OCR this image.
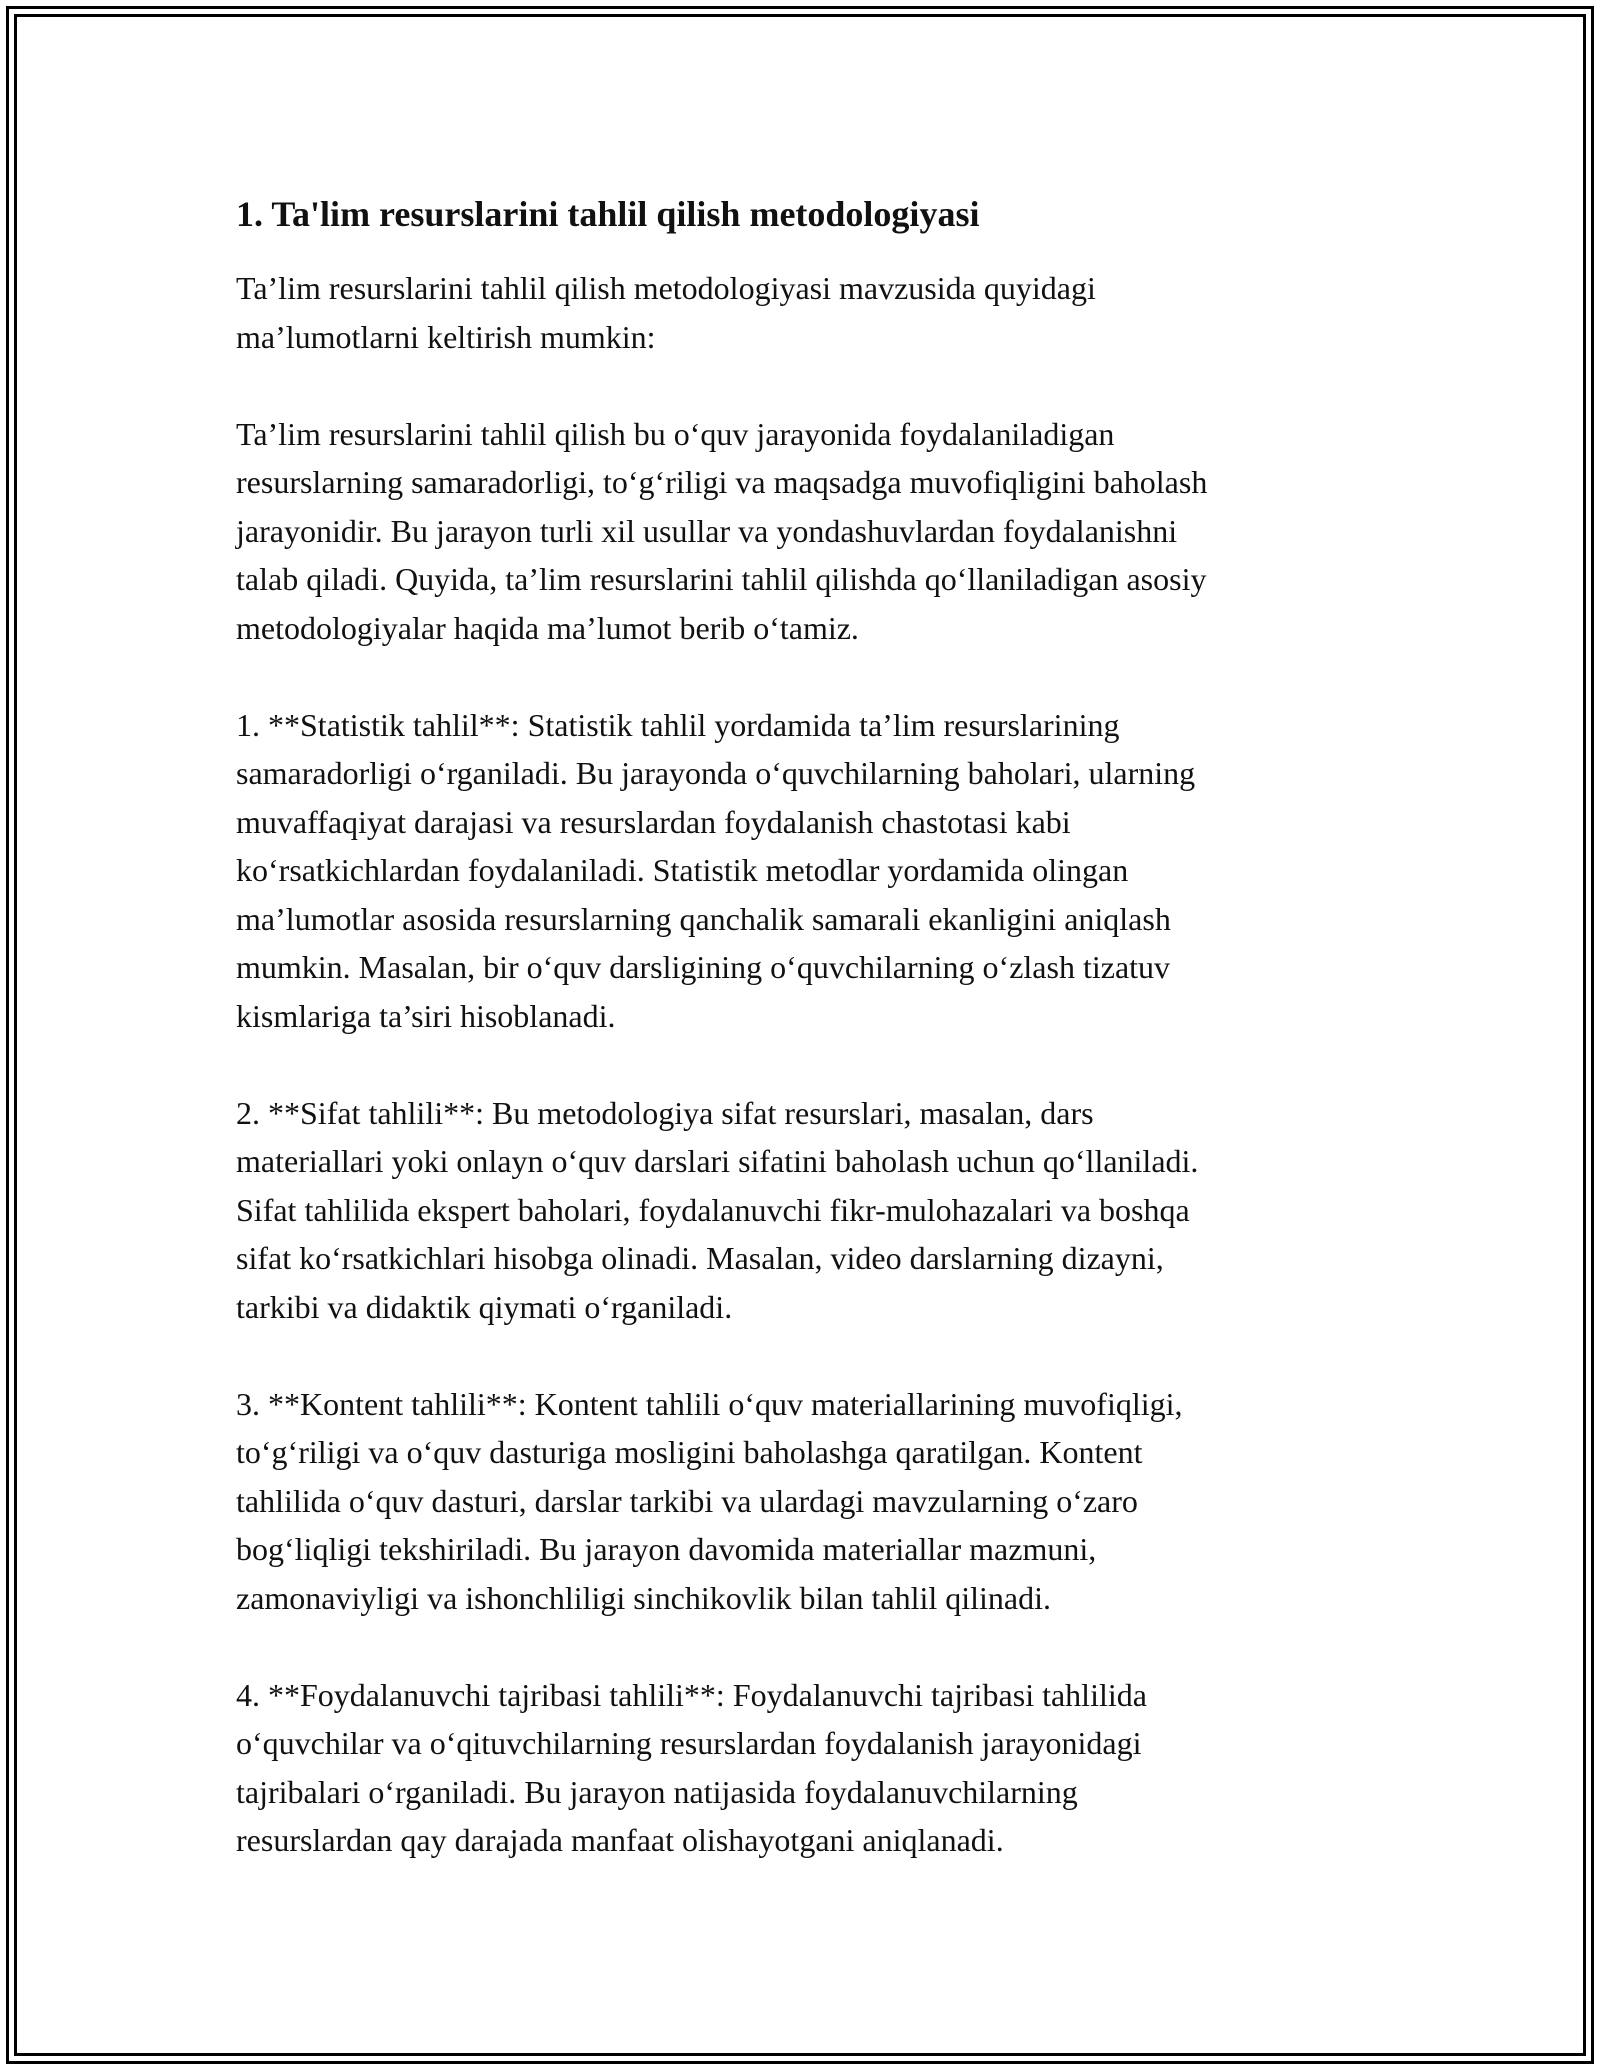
1. Ta'lim resurslarini tahlil qilish metodologiyasi

Ta’lim resurslarini tahlil qilish metodologiyasi mavzusida quyidagi
ma’lumotlarni keltirish mumkin:

Ta’lim resurslarini tahlil qilish bu o‘quv jarayonida foydalaniladigan
resurslarning samaradorligi, to‘g‘riligi va maqsadga muvofiqligini baholash
jarayonidir. Bu jarayon turli xil usullar va yondashuvlardan foydalanishni
talab qiladi. Quyida, ta’lim resurslarini tahlil qilishda qo‘llaniladigan asosiy
metodologiyalar haqida ma’lumot berib o‘tamiz.

1. **Statistik tahlil**: Statistik tahlil yordamida ta’lim resurslarining
samaradorligi o‘rganiladi. Bu jarayonda o‘quvchilarning baholari, ularning
muvaffaqiyat darajasi va resurslardan foydalanish chastotasi kabi
ko‘rsatkichlardan foydalaniladi. Statistik metodlar yordamida olingan
ma’lumotlar asosida resurslarning qanchalik samarali ekanligini aniqlash
mumkin. Masalan, bir o‘quv darsligining o‘quvchilarning o‘zlash tizatuv
kismlariga ta’siri hisoblanadi.

2. **Sifat tahlili**: Bu metodologiya sifat resurslari, masalan, dars
materiallari yoki onlayn o‘quv darslari sifatini baholash uchun qo‘llaniladi.
Sifat tahlilida ekspert baholari, foydalanuvchi fikr-mulohazalari va boshqa
sifat ko‘rsatkichlari hisobga olinadi. Masalan, video darslarning dizayni,
tarkibi va didaktik qiymati o‘rganiladi.

3. **Kontent tahlili**: Kontent tahlili o‘quv materiallarining muvofiqligi,
to‘g‘riligi va o‘quv dasturiga mosligini baholashga qaratilgan. Kontent
tahlilida o‘quv dasturi, darslar tarkibi va ulardagi mavzularning o‘zaro
bog‘liqligi tekshiriladi. Bu jarayon davomida materiallar mazmuni,
zamonaviyligi va ishonchliligi sinchikovlik bilan tahlil qilinadi.

4. **Foydalanuvchi tajribasi tahlili**: Foydalanuvchi tajribasi tahlilida
o‘quvchilar va o‘qituvchilarning resurslardan foydalanish jarayonidagi
tajribalari o‘rganiladi. Bu jarayon natijasida foydalanuvchilarning
resurslardan qay darajada manfaat olishayotgani aniqlanadi.
